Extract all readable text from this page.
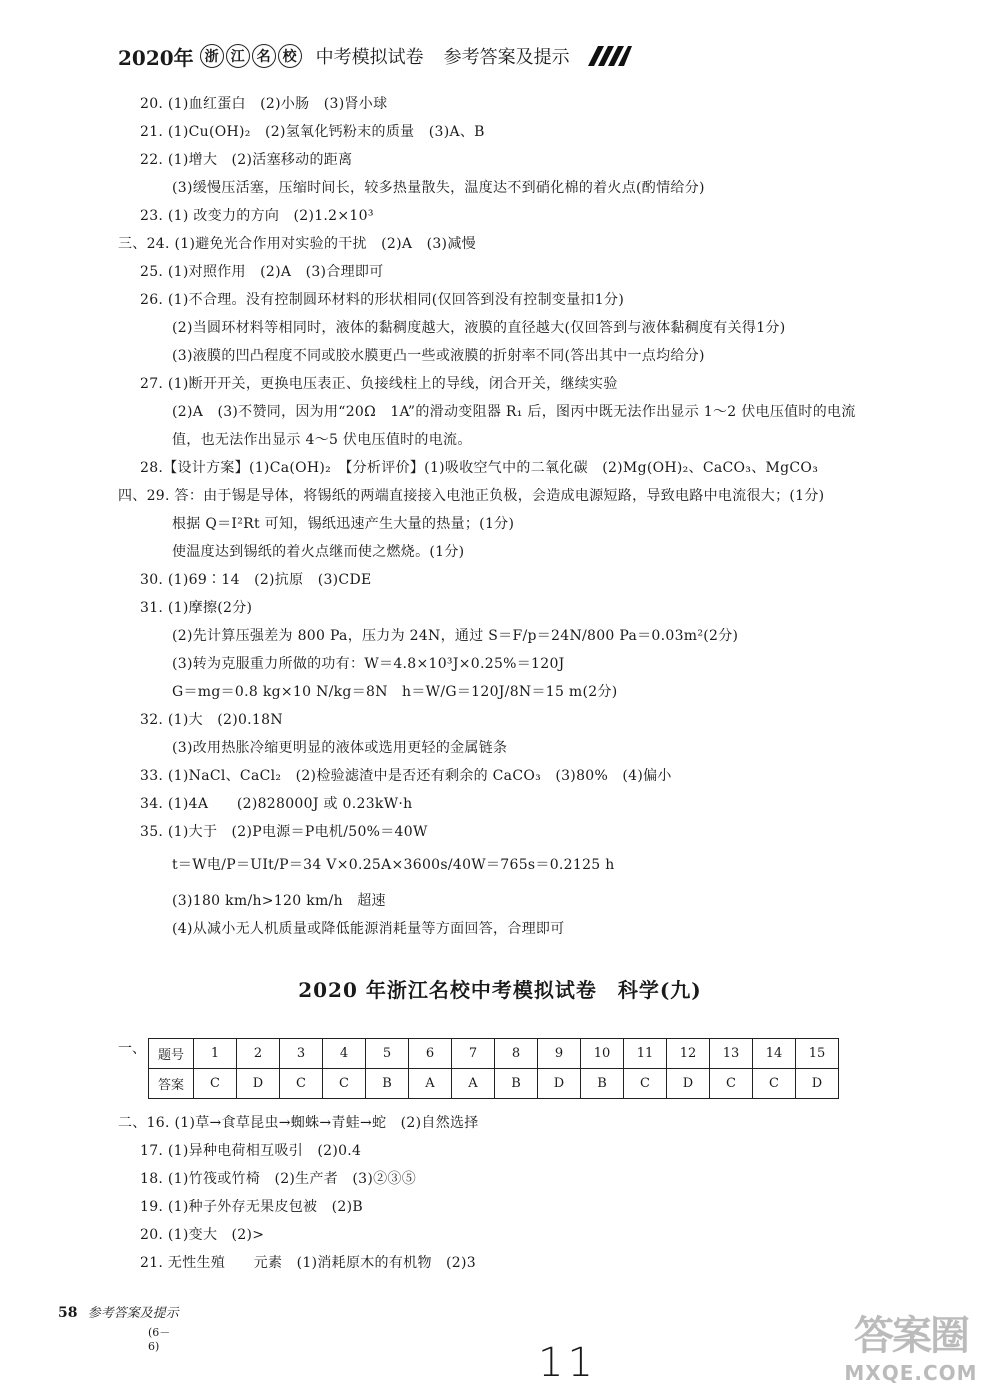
2020年 浙 江 名 校 中考模拟试卷 参考答案及提示
20. (1)血红蛋白　(2)小肠　(3)肾小球
21. (1)Cu(OH)₂　(2)氢氧化钙粉末的质量　(3)A、B
22. (1)增大　(2)活塞移动的距离
(3)缓慢压活塞，压缩时间长，较多热量散失，温度达不到硝化棉的着火点(酌情给分)
23. (1) 改变力的方向　(2)1.2×10³
三、24. (1)避免光合作用对实验的干扰　(2)A　(3)减慢
25. (1)对照作用　(2)A　(3)合理即可
26. (1)不合理。没有控制圆环材料的形状相同(仅回答到没有控制变量扣1分)
(2)当圆环材料等相同时，液体的黏稠度越大，液膜的直径越大(仅回答到与液体黏稠度有关得1分)
(3)液膜的凹凸程度不同或胶水膜更凸一些或液膜的折射率不同(答出其中一点均给分)
27. (1)断开开关，更换电压表正、负接线柱上的导线，闭合开关，继续实验
(2)A　(3)不赞同，因为用“20Ω　1A”的滑动变阻器 R₁ 后，图丙中既无法作出显示 1～2 伏电压值时的电流
值，也无法作出显示 4～5 伏电压值时的电流。
28.【设计方案】(1)Ca(OH)₂　【分析评价】(1)吸收空气中的二氧化碳　(2)Mg(OH)₂、CaCO₃、MgCO₃
四、29. 答：由于锡是导体，将锡纸的两端直接接入电池正负极，会造成电源短路，导致电路中电流很大；(1分)
根据 Q＝I²Rt 可知，锡纸迅速产生大量的热量；(1分)
使温度达到锡纸的着火点继而使之燃烧。(1分)
30. (1)69∶14　(2)抗原　(3)CDE
31. (1)摩擦(2分)
(2)先计算压强差为 800 Pa，压力为 24N，通过 S＝F/p＝24N/800 Pa＝0.03m²(2分)
(3)转为克服重力所做的功有：W＝4.8×10³J×0.25%＝120J
G＝mg＝0.8 kg×10 N/kg＝8N　h＝W/G＝120J/8N＝15 m(2分)
32. (1)大　(2)0.18N
(3)改用热胀冷缩更明显的液体或选用更轻的金属链条
33. (1)NaCl、CaCl₂　(2)检验滤渣中是否还有剩余的 CaCO₃　(3)80%　(4)偏小
34. (1)4A　　(2)828000J 或 0.23kW·h
35. (1)大于　(2)P电源＝P电机/50%＝40W
t＝W电/P＝UIt/P＝34 V×0.25A×3600s/40W＝765s＝0.2125 h
(3)180 km/h>120 km/h　超速
(4)从减小无人机质量或降低能源消耗量等方面回答，合理即可
二、16. (1)草→食草昆虫→蜘蛛→青蛙→蛇　(2)自然选择
17. (1)异种电荷相互吸引　(2)0.4
18. (1)竹筏或竹椅　(2)生产者　(3)②③⑤
19. (1)种子外存无果皮包被　(2)B
20. (1)变大　(2)>
21. 无性生殖　　元素　(1)消耗原木的有机物　(2)3
2020 年浙江名校中考模拟试卷　科学(九)
一、 题号	1	2	3	4	5	6	7	8	9	10	11	12	13	14	15
答案	C	D	C	C	B	A	A	B	D	B	C	D	C	C	D
58 参考答案及提示
(6－6)	11
答案圈
MXQE.COM
